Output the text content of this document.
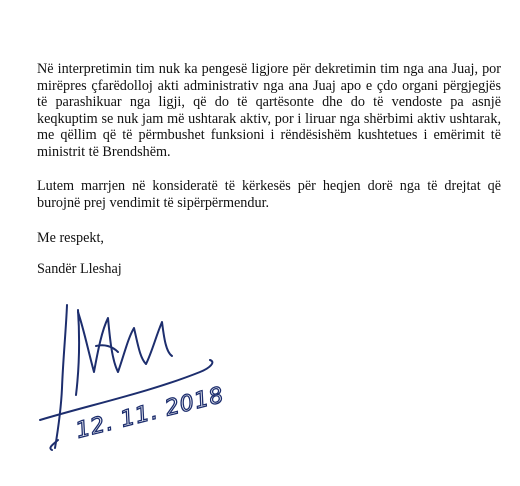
Në interpretimin tim nuk ka pengesë ligjore për dekretimin tim nga ana Juaj, por mirëpres çfarëdolloj akti administrativ nga ana Juaj apo e çdo organi përgjegjës të parashikuar nga ligji, që do të qartësonte dhe do të vendoste pa asnjë keqkuptim se nuk jam më ushtarak aktiv, por i liruar nga shërbimi aktiv ushtarak, me qëllim që të përmbushet funksioni i rëndësishëm kushtetues i emërimit të ministrit të Brendshëm.

Lutem marrjen në konsideratë të kërkesës për heqjen dorë nga të drejtat që burojnë prej vendimit të sipërpërmendur.

Me respekt,

Sandër Lleshaj

12. 11. 2018
